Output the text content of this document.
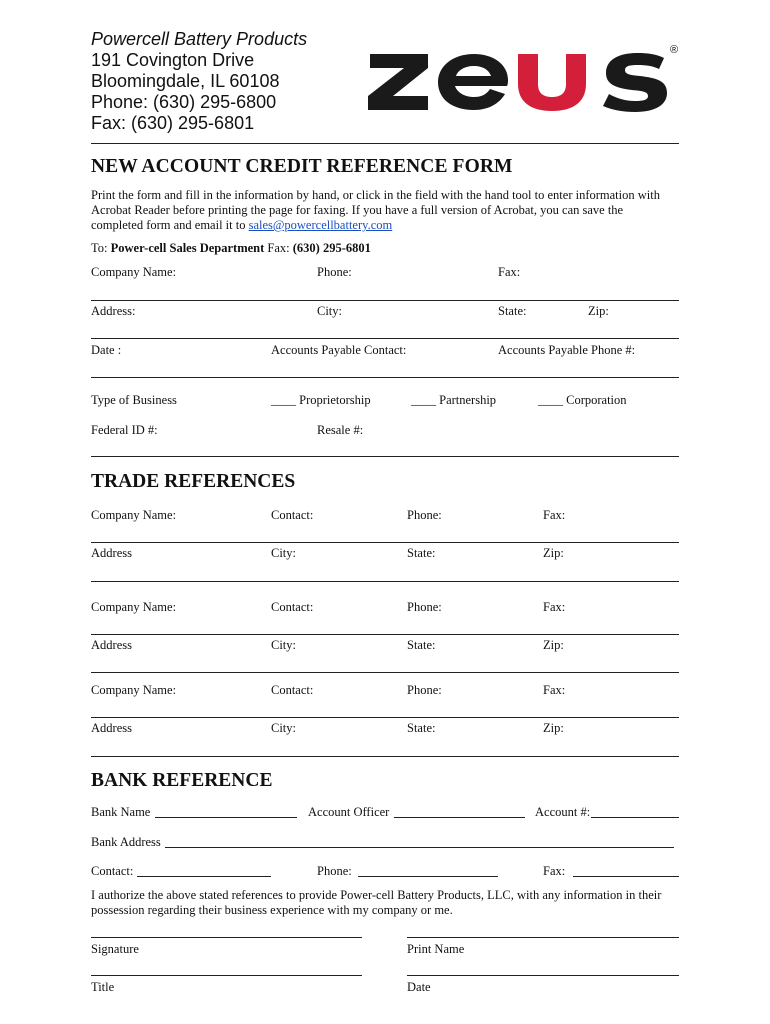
Powercell Battery Products
191 Covington Drive
Bloomingdale, IL 60108
Phone: (630) 295-6800
Fax: (630) 295-6801
®
NEW ACCOUNT CREDIT REFERENCE FORM
Print the form and fill in the information by hand, or click in the field with the hand tool to enter information with
Acrobat Reader before printing the page for faxing. If you have a full version of Acrobat, you can save the
completed form and email it to sales@powercellbattery.com
To: Power-cell Sales Department Fax: (630) 295-6801
Company Name:	Phone:	Fax:
Address:	City:	State:	Zip:
Date :	Accounts Payable Contact:	Accounts Payable Phone #:
Type of Business	____ Proprietorship	____ Partnership	____ Corporation
Federal ID #:	Resale #:
TRADE REFERENCES
Company Name:	Contact:	Phone:	Fax:
Address	City:	State:	Zip:
Company Name:	Contact:	Phone:	Fax:
Address	City:	State:	Zip:
Company Name:	Contact:	Phone:	Fax:
Address	City:	State:	Zip:
BANK REFERENCE
Bank Name	Account Officer	Account #:
Bank Address
Contact:	Phone:	Fax:
I authorize the above stated references to provide Power-cell Battery Products, LLC, with any information in their
possession regarding their business experience with my company or me.
Signature	Print Name
Title	Date
